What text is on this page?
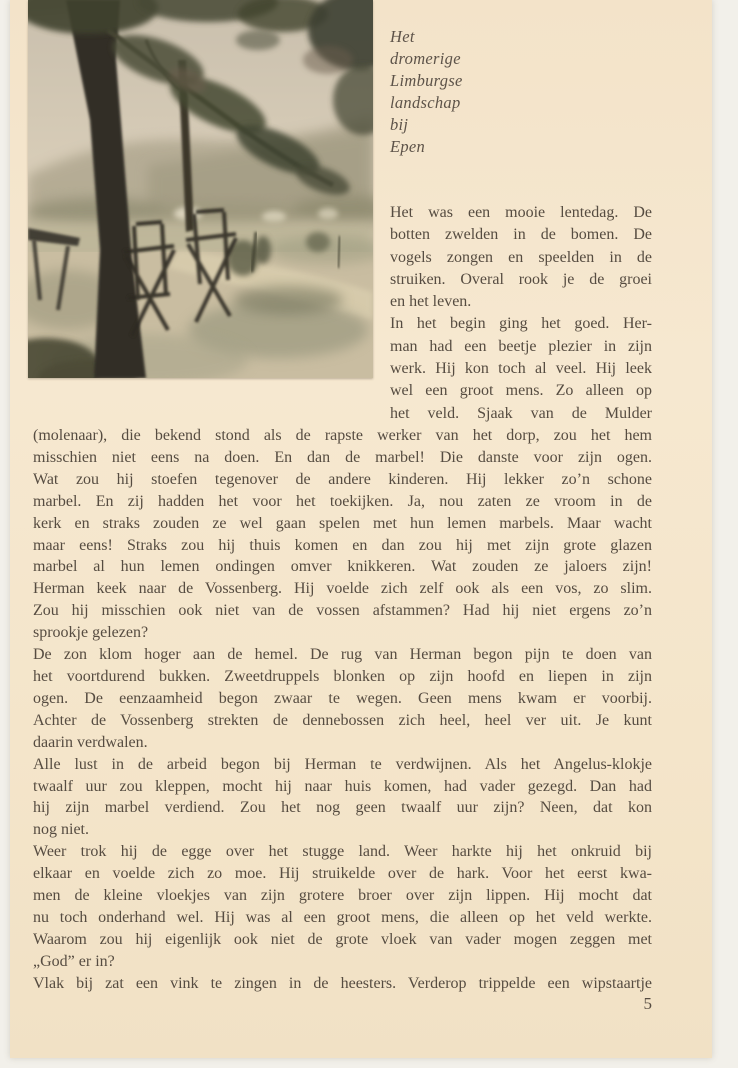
Het
dromerige
Limburgse
landschap
bij
Epen
Het was een mooie lentedag. De
botten zwelden in de bomen. De
vogels zongen en speelden in de
struiken. Overal rook je de groei
en het leven.
In het begin ging het goed. Her-
man had een beetje plezier in zijn
werk. Hij kon toch al veel. Hij leek
wel een groot mens. Zo alleen op
het veld. Sjaak van de Mulder
(molenaar), die bekend stond als de rapste werker van het dorp, zou het hem
misschien niet eens na doen. En dan de marbel! Die danste voor zijn ogen.
Wat zou hij stoefen tegenover de andere kinderen. Hij lekker zo’n schone
marbel. En zij hadden het voor het toekijken. Ja, nou zaten ze vroom in de
kerk en straks zouden ze wel gaan spelen met hun lemen marbels. Maar wacht
maar eens! Straks zou hij thuis komen en dan zou hij met zijn grote glazen
marbel al hun lemen ondingen omver knikkeren. Wat zouden ze jaloers zijn!
Herman keek naar de Vossenberg. Hij voelde zich zelf ook als een vos, zo slim.
Zou hij misschien ook niet van de vossen afstammen? Had hij niet ergens zo’n
sprookje gelezen?
De zon klom hoger aan de hemel. De rug van Herman begon pijn te doen van
het voortdurend bukken. Zweetdruppels blonken op zijn hoofd en liepen in zijn
ogen. De eenzaamheid begon zwaar te wegen. Geen mens kwam er voorbij.
Achter de Vossenberg strekten de dennebossen zich heel, heel ver uit. Je kunt
daarin verdwalen.
Alle lust in de arbeid begon bij Herman te verdwijnen. Als het Angelus-klokje
twaalf uur zou kleppen, mocht hij naar huis komen, had vader gezegd. Dan had
hij zijn marbel verdiend. Zou het nog geen twaalf uur zijn? Neen, dat kon
nog niet.
Weer trok hij de egge over het stugge land. Weer harkte hij het onkruid bij
elkaar en voelde zich zo moe. Hij struikelde over de hark. Voor het eerst kwa-
men de kleine vloekjes van zijn grotere broer over zijn lippen. Hij mocht dat
nu toch onderhand wel. Hij was al een groot mens, die alleen op het veld werkte.
Waarom zou hij eigenlijk ook niet de grote vloek van vader mogen zeggen met
„God” er in?
Vlak bij zat een vink te zingen in de heesters. Verderop trippelde een wipstaartje
5
